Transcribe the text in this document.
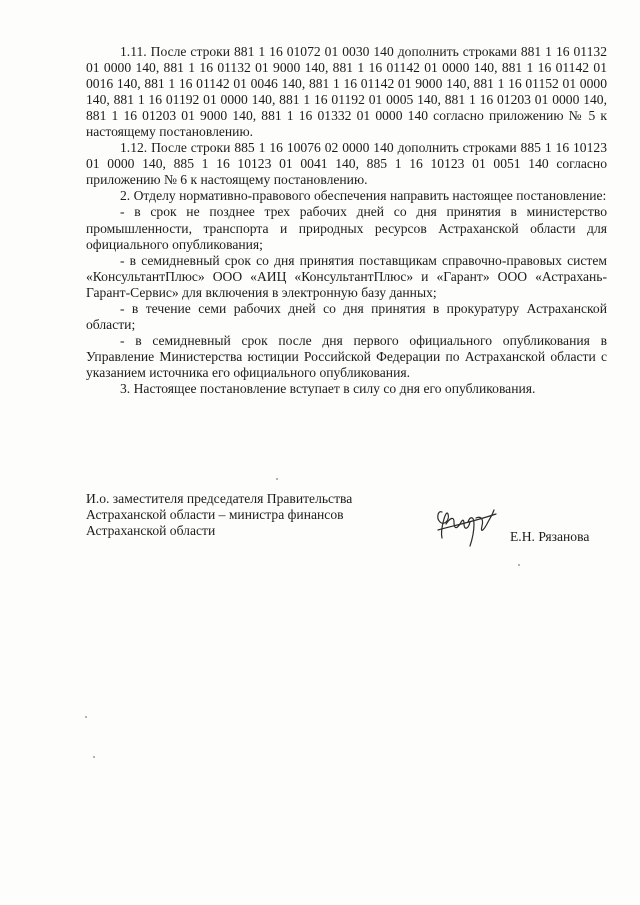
1.11. После строки 881 1 16 01072 01 0030 140 дополнить строками 881 1 16 01132 01 0000 140, 881 1 16 01132 01 9000 140, 881 1 16 01142 01 0000 140, 881 1 16 01142 01 0016 140, 881 1 16 01142 01 0046 140, 881 1 16 01142 01 9000 140, 881 1 16 01152 01 0000 140, 881 1 16 01192 01 0000 140, 881 1 16 01192 01 0005 140, 881 1 16 01203 01 0000 140, 881 1 16 01203 01 9000 140, 881 1 16 01332 01 0000 140 согласно приложению № 5 к настоящему постановлению.

1.12. После строки 885 1 16 10076 02 0000 140 дополнить строками 885 1 16 10123 01 0000 140, 885 1 16 10123 01 0041 140, 885 1 16 10123 01 0051 140 согласно приложению № 6 к настоящему постановлению.

2. Отделу нормативно-правового обеспечения направить настоящее постановление:

- в срок не позднее трех рабочих дней со дня принятия в министерство промышленности, транспорта и природных ресурсов Астраханской области для официального опубликования;

- в семидневный срок со дня принятия поставщикам справочно-правовых систем «КонсультантПлюс» ООО «АИЦ «КонсультантПлюс» и «Гарант» ООО «Астрахань-Гарант-Сервис» для включения в электронную базу данных;

- в течение семи рабочих дней со дня принятия в прокуратуру Астраханской области;

- в семидневный срок после дня первого официального опубликования в Управление Министерства юстиции Российской Федерации по Астраханской области с указанием источника его официального опубликования.

3. Настоящее постановление вступает в силу со дня его опубликования.

И.о. заместителя председателя Правительства
Астраханской области – министра финансов
Астраханской области	Е.Н. Рязанова
